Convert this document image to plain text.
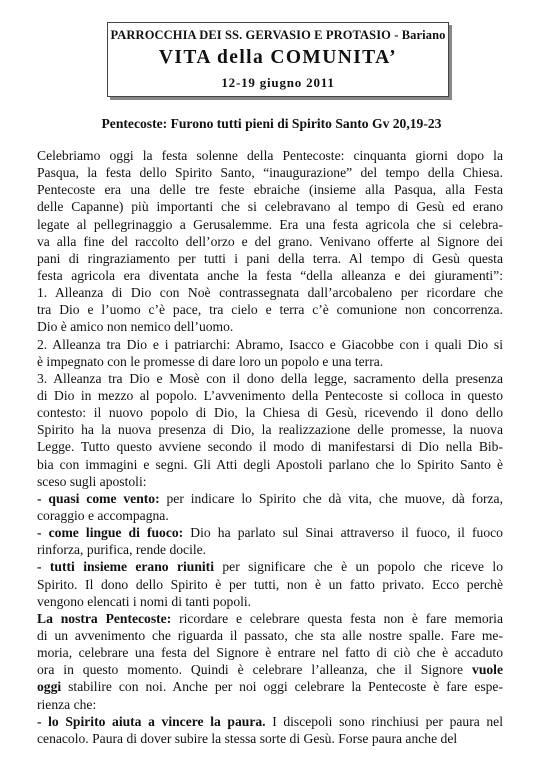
PARROCCHIA DEI SS. GERVASIO E PROTASIO - Bariano
VITA della COMUNITA’
12-19 giugno 2011
Pentecoste: Furono tutti pieni di Spirito Santo Gv 20,19-23
Celebriamo oggi la festa solenne della Pentecoste: cinquanta giorni dopo la
Pasqua, la festa dello Spirito Santo, “inaugurazione” del tempo della Chiesa.
Pentecoste era una delle tre feste ebraiche (insieme alla Pasqua, alla Festa
delle Capanne) più importanti che si celebravano al tempo di Gesù ed erano
legate al pellegrinaggio a Gerusalemme. Era una festa agricola che si celebra-
va alla fine del raccolto dell’orzo e del grano. Venivano offerte al Signore dei
pani di ringraziamento per tutti i pani della terra. Al tempo di Gesù questa
festa agricola era diventata anche la festa “della alleanza e dei giuramenti”:
1. Alleanza di Dio con Noè contrassegnata dall’arcobaleno per ricordare che
tra Dio e l’uomo c’è pace, tra cielo e terra c’è comunione non concorrenza.
Dio è amico non nemico dell’uomo.
2. Alleanza tra Dio e i patriarchi: Abramo, Isacco e Giacobbe con i quali Dio si
è impegnato con le promesse di dare loro un popolo e una terra.
3. Alleanza tra Dio e Mosè con il dono della legge, sacramento della presenza
di Dio in mezzo al popolo. L’avvenimento della Pentecoste si colloca in questo
contesto: il nuovo popolo di Dio, la Chiesa di Gesù, ricevendo il dono dello
Spirito ha la nuova presenza di Dio, la realizzazione delle promesse, la nuova
Legge. Tutto questo avviene secondo il modo di manifestarsi di Dio nella Bib-
bia con immagini e segni. Gli Atti degli Apostoli parlano che lo Spirito Santo è
sceso sugli apostoli:
- quasi come vento: per indicare lo Spirito che dà vita, che muove, dà forza,
coraggio e accompagna.
- come lingue di fuoco: Dio ha parlato sul Sinai attraverso il fuoco, il fuoco
rinforza, purifica, rende docile.
- tutti insieme erano riuniti per significare che è un popolo che riceve lo
Spirito. Il dono dello Spirito è per tutti, non è un fatto privato. Ecco perchè
vengono elencati i nomi di tanti popoli.
La nostra Pentecoste: ricordare e celebrare questa festa non è fare memoria
di un avvenimento che riguarda il passato, che sta alle nostre spalle. Fare me-
moria, celebrare una festa del Signore è entrare nel fatto di ciò che è accaduto
ora in questo momento. Quindi è celebrare l’alleanza, che il Signore vuole
oggi stabilire con noi. Anche per noi oggi celebrare la Pentecoste è fare espe-
rienza che:
- lo Spirito aiuta a vincere la paura. I discepoli sono rinchiusi per paura nel
cenacolo. Paura di dover subire la stessa sorte di Gesù. Forse paura anche del
